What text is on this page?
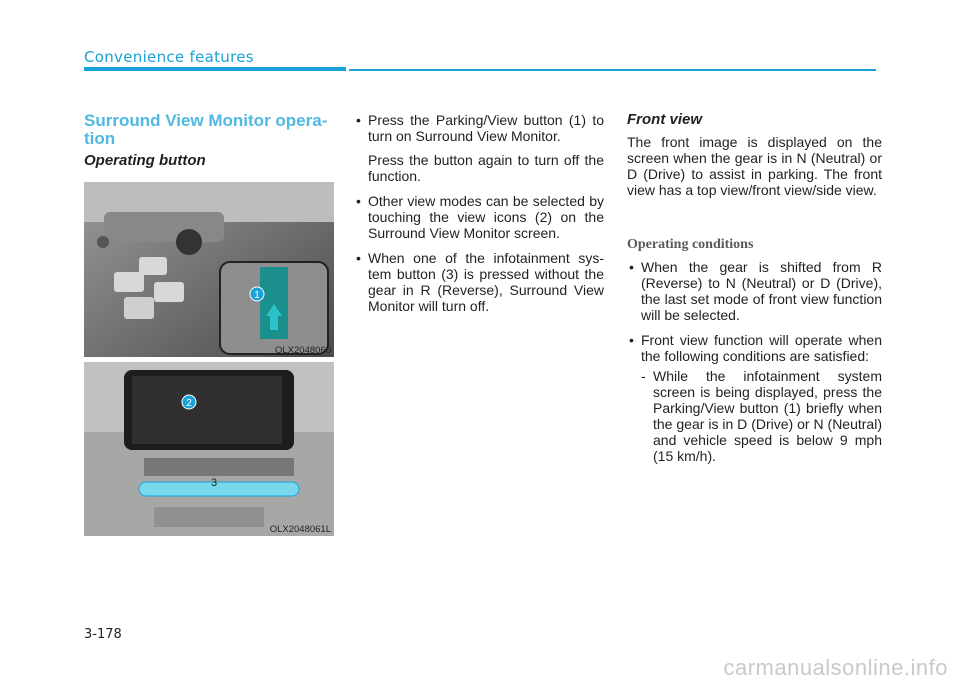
Convenience features
Surround View Monitor opera- tion
Operating button
1
OLX2048060
2
3
OLX2048061L
• Press the Parking/View button (1) to turn on Surround View Monitor.
Press the button again to turn off the function.
• Other view modes can be selected by touching the view icons (2) on the Surround View Monitor screen.
• When one of the infotainment sys- tem button (3) is pressed without the gear in R (Reverse), Surround View Monitor will turn off.
Front view
The front image is displayed on the screen when the gear is in N (Neutral) or D (Drive) to assist in parking. The front view has a top view/front view/side view.
Operating conditions
• When the gear is shifted from R (Reverse) to N (Neutral) or D (Drive), the last set mode of front view function will be selected.
• Front view function will operate when the following conditions are satisfied:
- While the infotainment system screen is being displayed, press the Parking/View button (1) briefly when the gear is in D (Drive) or N (Neutral) and vehicle speed is below 9 mph (15 km/h).
3-178
carmanualsonline.info
